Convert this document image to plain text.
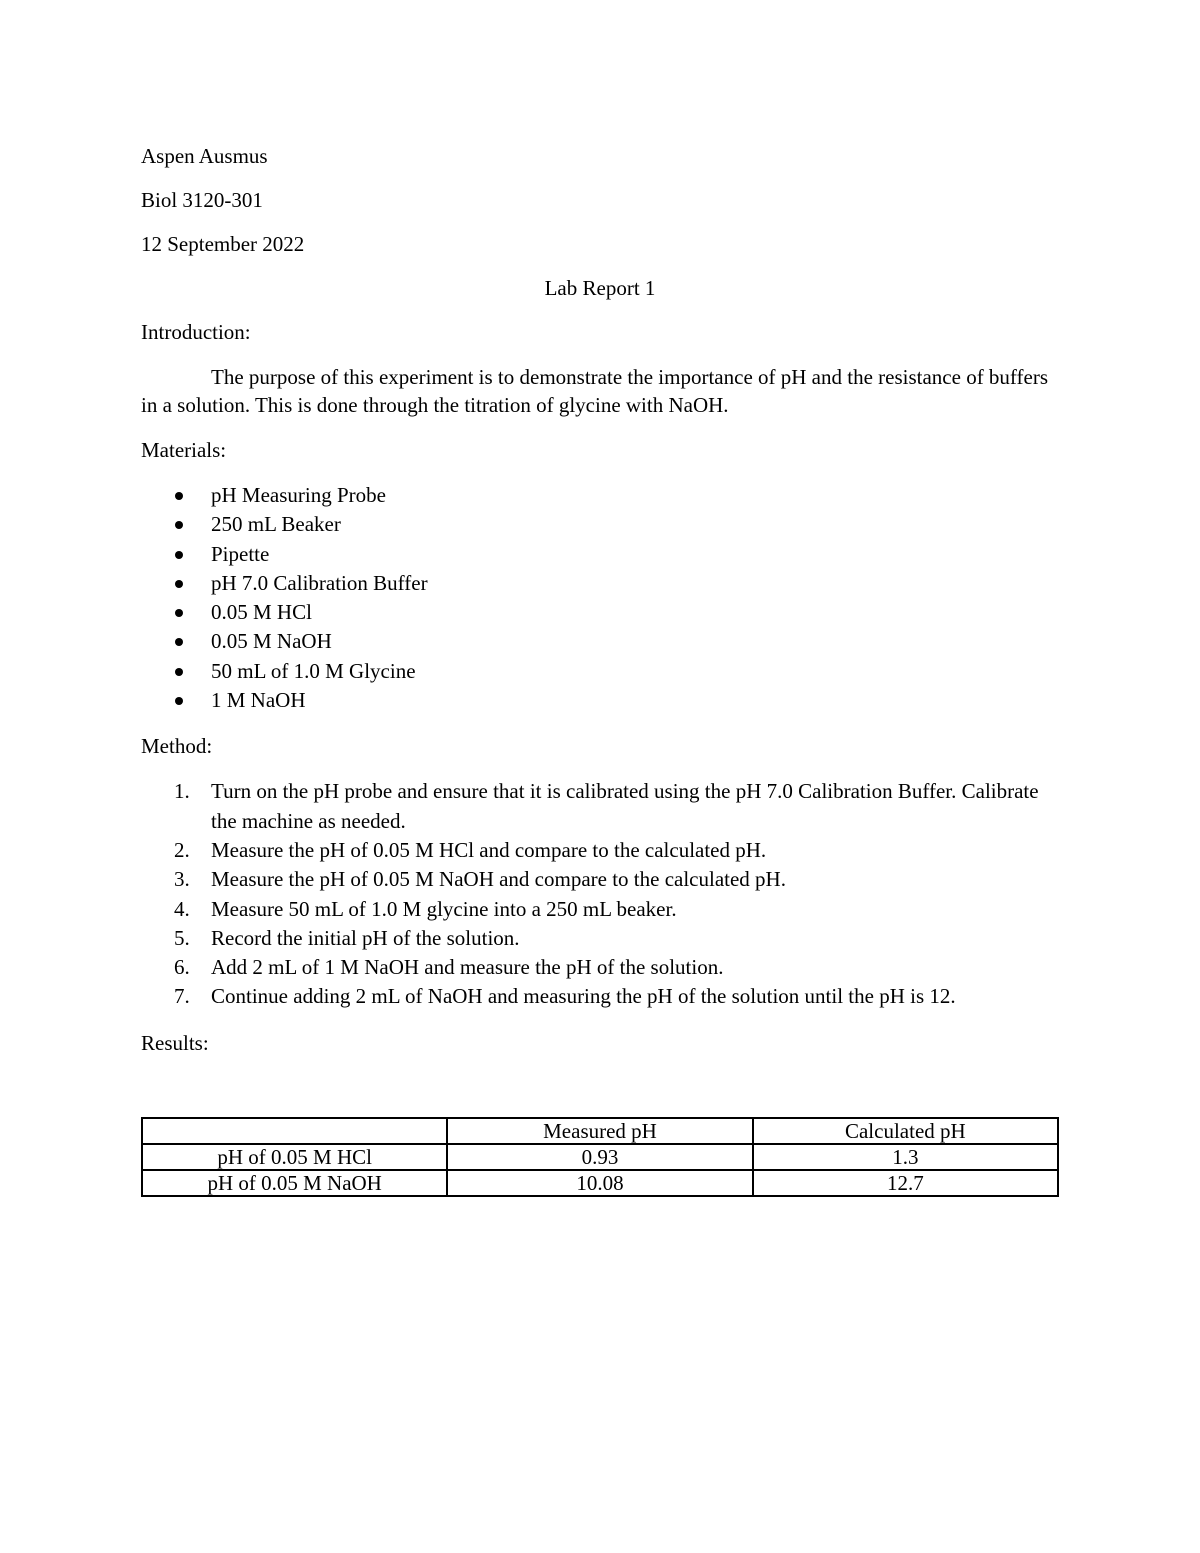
Aspen Ausmus

Biol 3120-301

12 September 2022

Lab Report 1

Introduction:

The purpose of this experiment is to demonstrate the importance of pH and the resistance of buffers in a solution. This is done through the titration of glycine with NaOH.

Materials:

pH Measuring Probe
250 mL Beaker
Pipette
pH 7.0 Calibration Buffer
0.05 M HCl
0.05 M NaOH
50 mL of 1.0 M Glycine
1 M NaOH

Method:

1. Turn on the pH probe and ensure that it is calibrated using the pH 7.0 Calibration Buffer. Calibrate the machine as needed.
2. Measure the pH of 0.05 M HCl and compare to the calculated pH.
3. Measure the pH of 0.05 M NaOH and compare to the calculated pH.
4. Measure 50 mL of 1.0 M glycine into a 250 mL beaker.
5. Record the initial pH of the solution.
6. Add 2 mL of 1 M NaOH and measure the pH of the solution.
7. Continue adding 2 mL of NaOH and measuring the pH of the solution until the pH is 12.

Results:

	Measured pH	Calculated pH
pH of 0.05 M HCl	0.93	1.3
pH of 0.05 M NaOH	10.08	12.7
